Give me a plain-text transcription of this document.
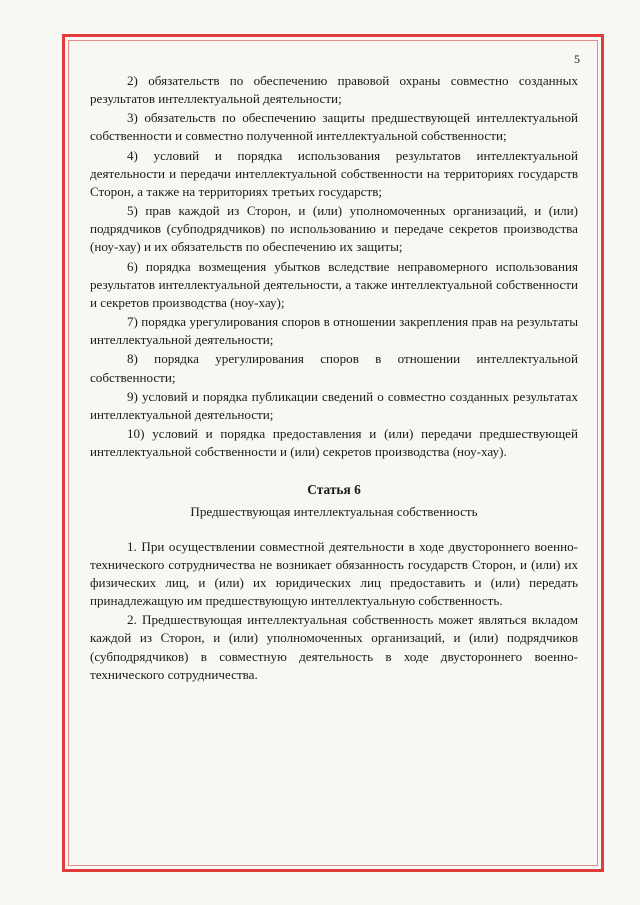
5

2) обязательств по обеспечению правовой охраны совместно созданных результатов интеллектуальной деятельности;

3) обязательств по обеспечению защиты предшествующей интеллектуальной собственности и совместно полученной интеллектуальной собственности;

4) условий и порядка использования результатов интеллектуальной деятельности и передачи интеллектуальной собственности на территориях государств Сторон, а также на территориях третьих государств;

5) прав каждой из Сторон, и (или) уполномоченных организаций, и (или) подрядчиков (субподрядчиков) по использованию и передаче секретов производства (ноу-хау) и их обязательств по обеспечению их защиты;

6) порядка возмещения убытков вследствие неправомерного использования результатов интеллектуальной деятельности, а также интеллектуальной собственности и секретов производства (ноу-хау);

7) порядка урегулирования споров в отношении закрепления прав на результаты интеллектуальной деятельности;

8) порядка урегулирования споров в отношении интеллектуальной собственности;

9) условий и порядка публикации сведений о совместно созданных результатах интеллектуальной деятельности;

10) условий и порядка предоставления и (или) передачи предшествующей интеллектуальной собственности и (или) секретов производства (ноу-хау).

Статья 6
Предшествующая интеллектуальная собственность

1. При осуществлении совместной деятельности в ходе двустороннего военно-технического сотрудничества не возникает обязанность государств Сторон, и (или) их физических лиц, и (или) их юридических лиц предоставить и (или) передать принадлежащую им предшествующую интеллектуальную собственность.

2. Предшествующая интеллектуальная собственность может являться вкладом каждой из Сторон, и (или) уполномоченных организаций, и (или) подрядчиков (субподрядчиков) в совместную деятельность в ходе двустороннего военно-технического сотрудничества.
